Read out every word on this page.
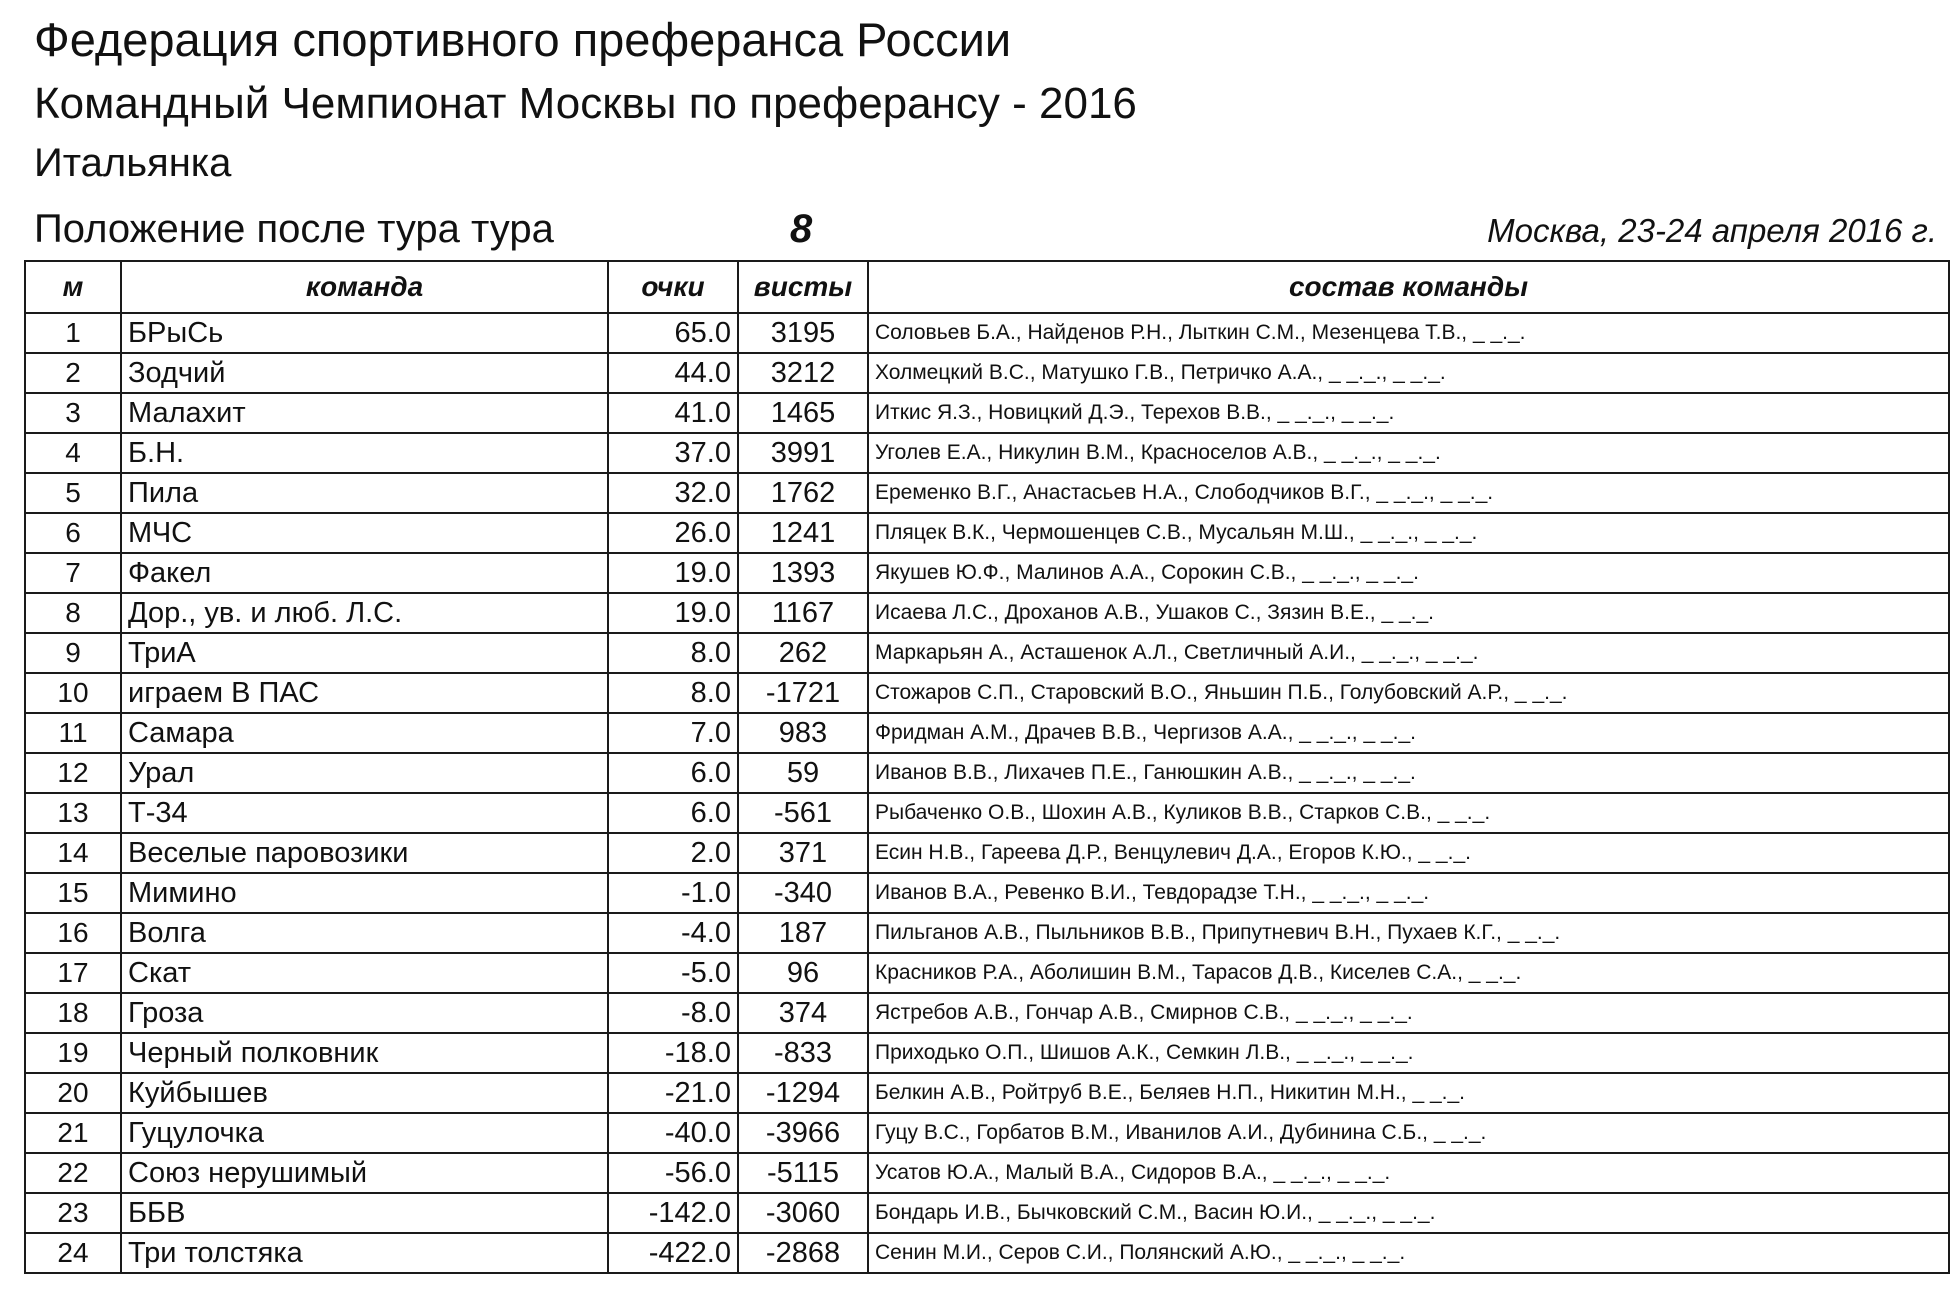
Федерация спортивного преферанса России
Командный Чемпионат Москвы по преферансу - 2016
Итальянка
Положение после тура тура	8	Москва, 23-24 апреля 2016 г.
м	команда	очки	висты	состав команды
1	БРыСь	65.0	3195	Соловьев Б.А., Найденов Р.Н., Лыткин С.М., Мезенцева Т.В., _ _._.
2	Зодчий	44.0	3212	Холмецкий В.С., Матушко Г.В., Петричко А.А., _ _._., _ _._.
3	Малахит	41.0	1465	Иткис Я.З., Новицкий Д.Э., Терехов В.В., _ _._., _ _._.
4	Б.Н.	37.0	3991	Уголев Е.А., Никулин В.М., Красноселов А.В., _ _._., _ _._.
5	Пила	32.0	1762	Еременко В.Г., Анастасьев Н.А., Слободчиков В.Г., _ _._., _ _._.
6	МЧС	26.0	1241	Пляцек В.К., Чермошенцев С.В., Мусальян М.Ш., _ _._., _ _._.
7	Факел	19.0	1393	Якушев Ю.Ф., Малинов А.А., Сорокин С.В., _ _._., _ _._.
8	Дор., ув. и люб. Л.С.	19.0	1167	Исаева Л.С., Дроханов А.В., Ушаков С., Зязин В.Е., _ _._.
9	ТриА	8.0	262	Маркарьян А., Асташенок А.Л., Светличный А.И., _ _._., _ _._.
10	играем В ПАС	8.0	-1721	Стожаров С.П., Старовский В.О., Яньшин П.Б., Голубовский А.Р., _ _._.
11	Самара	7.0	983	Фридман А.М., Драчев В.В., Чергизов А.А., _ _._., _ _._.
12	Урал	6.0	59	Иванов В.В., Лихачев П.Е., Ганюшкин А.В., _ _._., _ _._.
13	Т-34	6.0	-561	Рыбаченко О.В., Шохин А.В., Куликов В.В., Старков С.В., _ _._.
14	Веселые паровозики	2.0	371	Есин Н.В., Гареева Д.Р., Венцулевич Д.А., Егоров К.Ю., _ _._.
15	Мимино	-1.0	-340	Иванов В.А., Ревенко В.И., Тевдорадзе Т.Н., _ _._., _ _._.
16	Волга	-4.0	187	Пильганов А.В., Пыльников В.В., Припутневич В.Н., Пухаев К.Г., _ _._.
17	Скат	-5.0	96	Красников Р.А., Аболишин В.М., Тарасов Д.В., Киселев С.А., _ _._.
18	Гроза	-8.0	374	Ястребов А.В., Гончар А.В., Смирнов С.В., _ _._., _ _._.
19	Черный полковник	-18.0	-833	Приходько О.П., Шишов А.К., Семкин Л.В., _ _._., _ _._.
20	Куйбышев	-21.0	-1294	Белкин А.В., Ройтруб В.Е., Беляев Н.П., Никитин М.Н., _ _._.
21	Гуцулочка	-40.0	-3966	Гуцу В.С., Горбатов В.М., Иванилов А.И., Дубинина С.Б., _ _._.
22	Союз нерушимый	-56.0	-5115	Усатов Ю.А., Малый В.А., Сидоров В.А., _ _._., _ _._.
23	ББВ	-142.0	-3060	Бондарь И.В., Бычковский С.М., Васин Ю.И., _ _._., _ _._.
24	Три толстяка	-422.0	-2868	Сенин М.И., Серов С.И., Полянский А.Ю., _ _._., _ _._.
